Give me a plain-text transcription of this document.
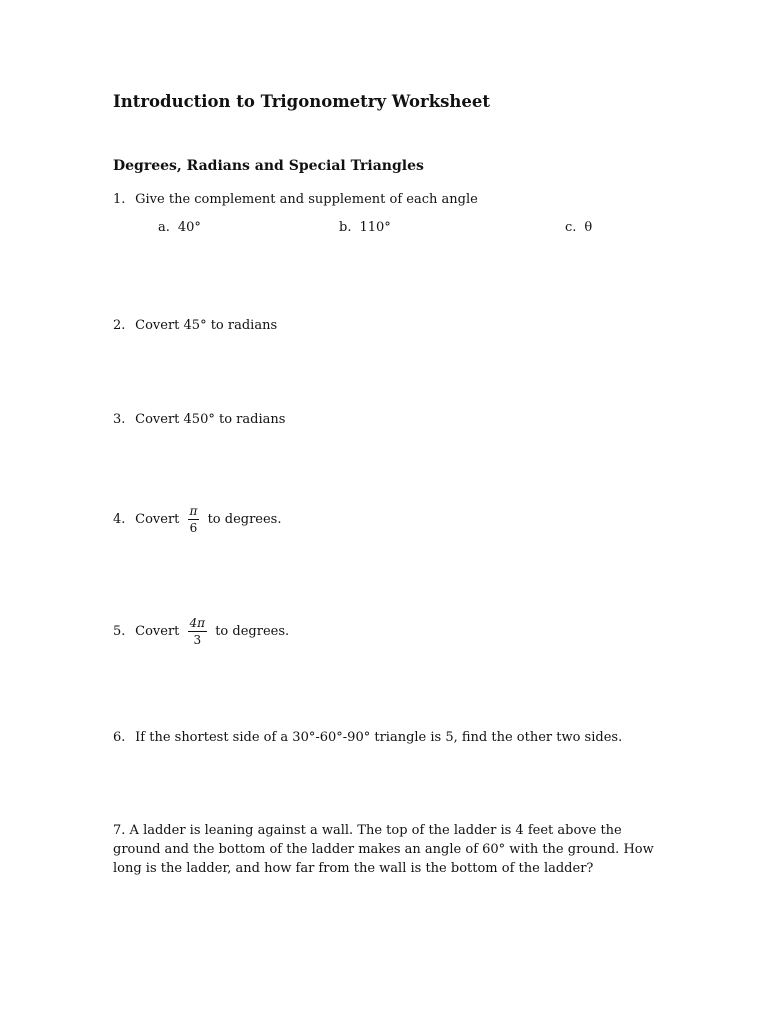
Introduction to Trigonometry Worksheet
Degrees, Radians and Special Triangles
1. Give the complement and supplement of each angle
a. 40°	b. 110°	c. θ
2. Covert 45° to radians
3. Covert 450° to radians
4. Covert $\frac{\pi}{6}$ to degrees.
5. Covert $\frac{4\pi}{3}$ to degrees.
6. If the shortest side of a 30°-60°-90° triangle is 5, find the other two sides.
7. A ladder is leaning against a wall. The top of the ladder is 4 feet above the ground and the bottom of the ladder makes an angle of 60° with the ground. How long is the ladder, and how far from the wall is the bottom of the ladder?
